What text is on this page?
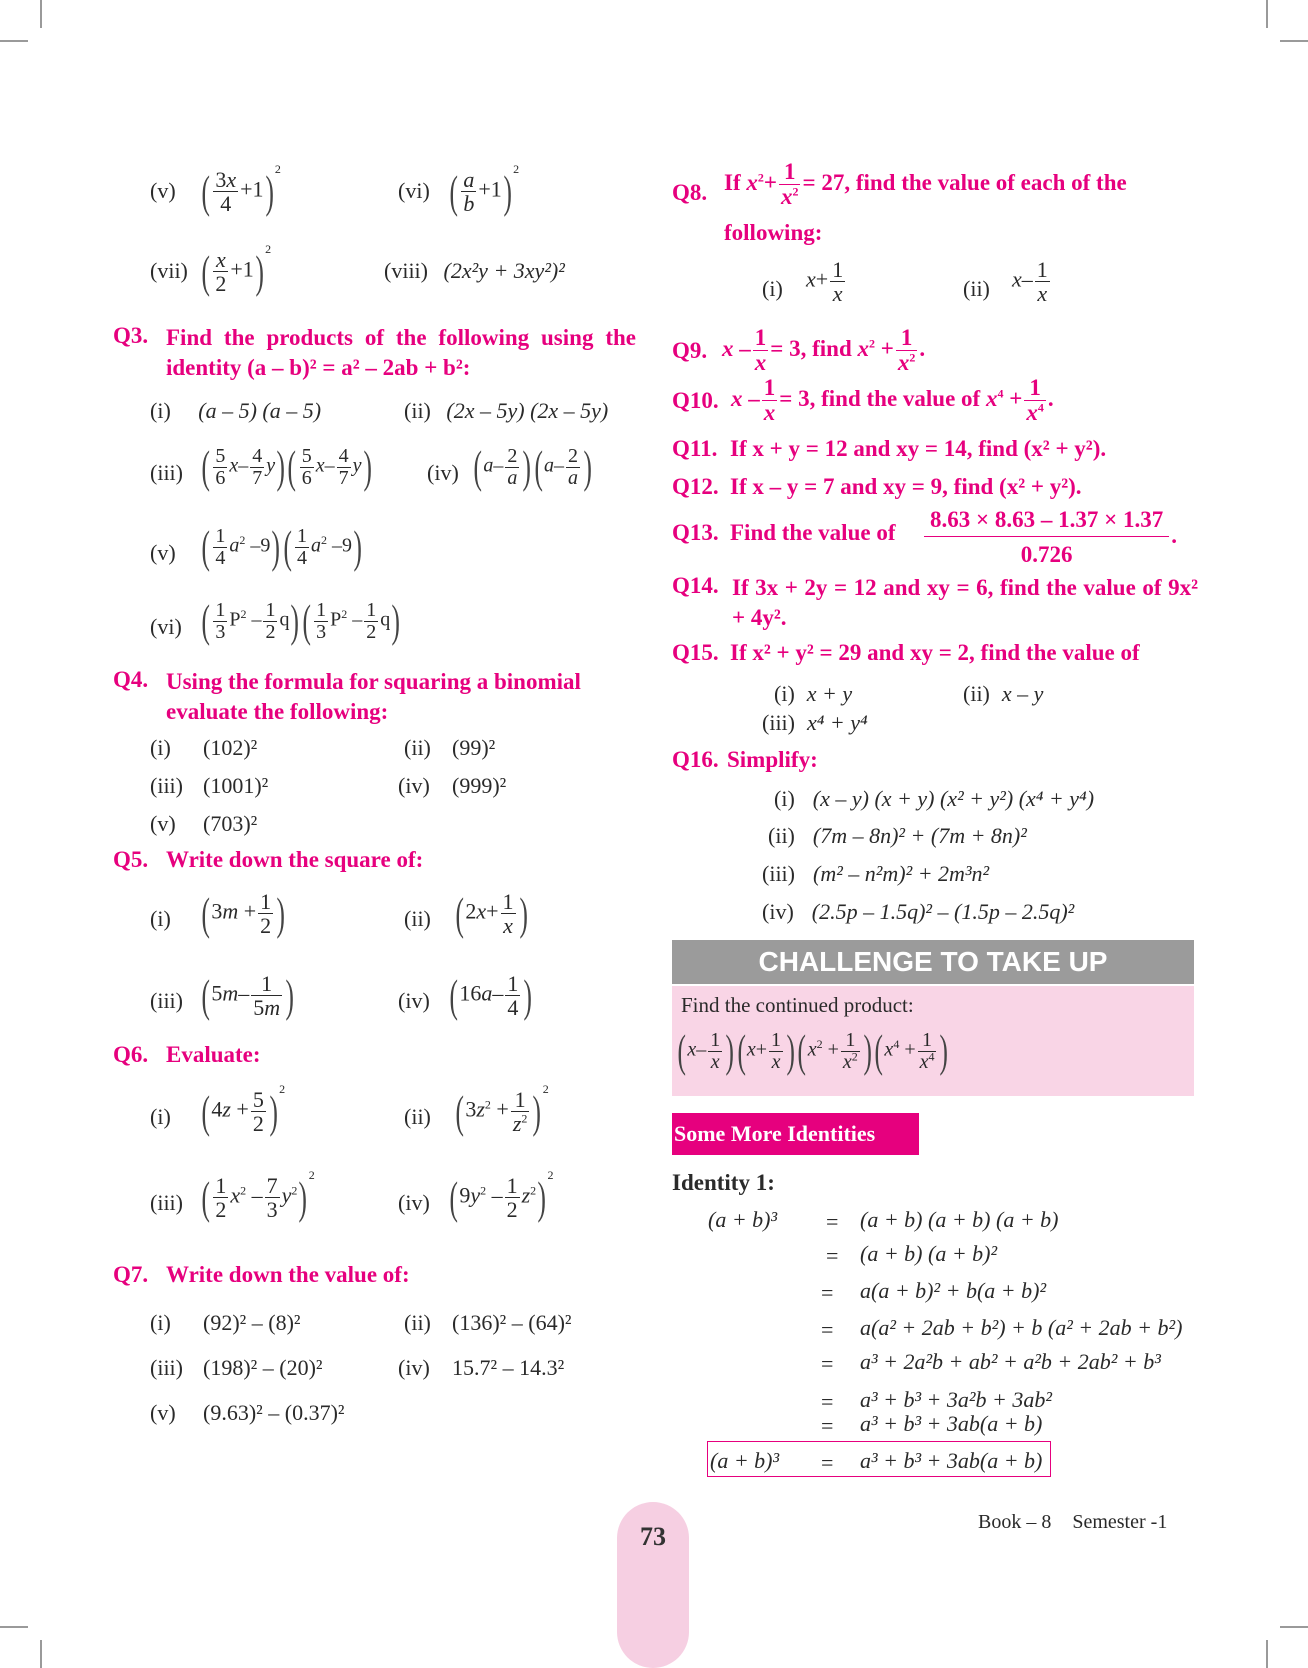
(v) ( $\frac{3x}{4} +1)^2$
(vi) ( $\frac{a}{b} +1)^2$
(vii) ( $\frac{x}{2} +1)^2$
(viii) (2x²y + 3xy²)²
Q3. Find the products of the following using the identity (a – b)² = a² – 2ab + b²:
(i) (a – 5) (a – 5)	(ii) (2x – 5y) (2x – 5y)
(iii) ( $\frac{5}{6} x- \frac{4}{7} y)( \frac{5}{6} x- \frac{4}{7} y)$	(iv) $(a- \frac{2}{a} )(a- \frac{2}{a}$ )
(v) ( $\frac{1}{4} a^2$ $-9)( \frac{1}{4} a^2$ –9)
(vi) ( $\frac{1}{3} P^2 - \frac{1}{2} q)( \frac{1}{3} P^2 - \frac{1}{2} q)$
Q4. Using the formula for squaring a binomial evaluate the following:
(i) (102)²	(ii) (99)²
(iii) (1001)²	(iv) (999)²
(v) (703)²
Q5. Write down the square of:
(i) ($3m + \frac{1}{2}$ )	(ii) ($2x+ \frac{1}{x}$ )
(iii) ($5m- \frac{1}{5m}$ )	(iv) ($16a- \frac{1}{4}$ )
Q6. Evaluate:
(i) $(4z + \frac{5}{2} )^2$
(ii) $(3z^2 + \frac{1}{z^2} )^2$
(iii) ( $\frac{1}{2} x^2 - \frac{7}{3} y^2)^2$
(iv) $(9y^2 - \frac{1}{2} z^2)^2$
Q7. Write down the value of:
(i) (92)² – (8)²	(ii) (136)² – (64)²
(iii) (198)² – (20)²	(iv) 15.7² – 14.3²
(v) (9.63)² – (0.37)²
Q8. If $x^2+ \frac{1}{x^2} = 27$, find the value of each of the
following:
(i) $x+ \frac{1}{x}$	(ii) $x- \frac{1}{x}$
Q9. $x - \frac{1}{x} = 3$, find $x^2 + \frac{1}{x^2}$ .
Q10. $x - \frac{1}{x} = 3$, find the value of $x^4 + \frac{1}{x^4}$ .
Q11. If x + y = 12 and xy = 14, find (x² + y²).
Q12. If x – y = 7 and xy = 9, find (x² + y²).
Q13. Find the value of $\frac{8.63 \times 8.63 - 1.37 \times 1.37}{0.726}$ .
Q14. If 3x + 2y = 12 and xy = 6, find the value of 9x² + 4y².
Q15. If x² + y² = 29 and xy = 2, find the value of
(i) x + y	(ii) x – y
(iii) x⁴ + y⁴
Q16. Simplify:
(i) (x – y) (x + y) (x² + y²) (x⁴ + y⁴)
(ii) (7m – 8n)² + (7m + 8n)²
(iii) (m² – n²m)² + 2m³n²
(iv) (2.5p – 1.5q)² – (1.5p – 2.5q)²
CHALLENGE TO TAKE UP
Find the continued product:
$(x- \frac{1}{x} )(x+ \frac{1}{x} )(x^2 + \frac{1}{x^2} )(x^4 + \frac{1}{x^4}$ )
Some More Identities
Identity 1:
(a + b)³ = (a + b) (a + b) (a + b)
= (a + b) (a + b)²
= a(a + b)² + b(a + b)²
= a(a² + 2ab + b²) + b (a² + 2ab + b²)
= a³ + 2a²b + ab² + a²b + 2ab² + b³
= a³ + b³ + 3a²b + 3ab²
= a³ + b³ + 3ab(a + b)
(a + b)³ = a³ + b³ + 3ab(a + b)
Book – 8 Semester -1
73
